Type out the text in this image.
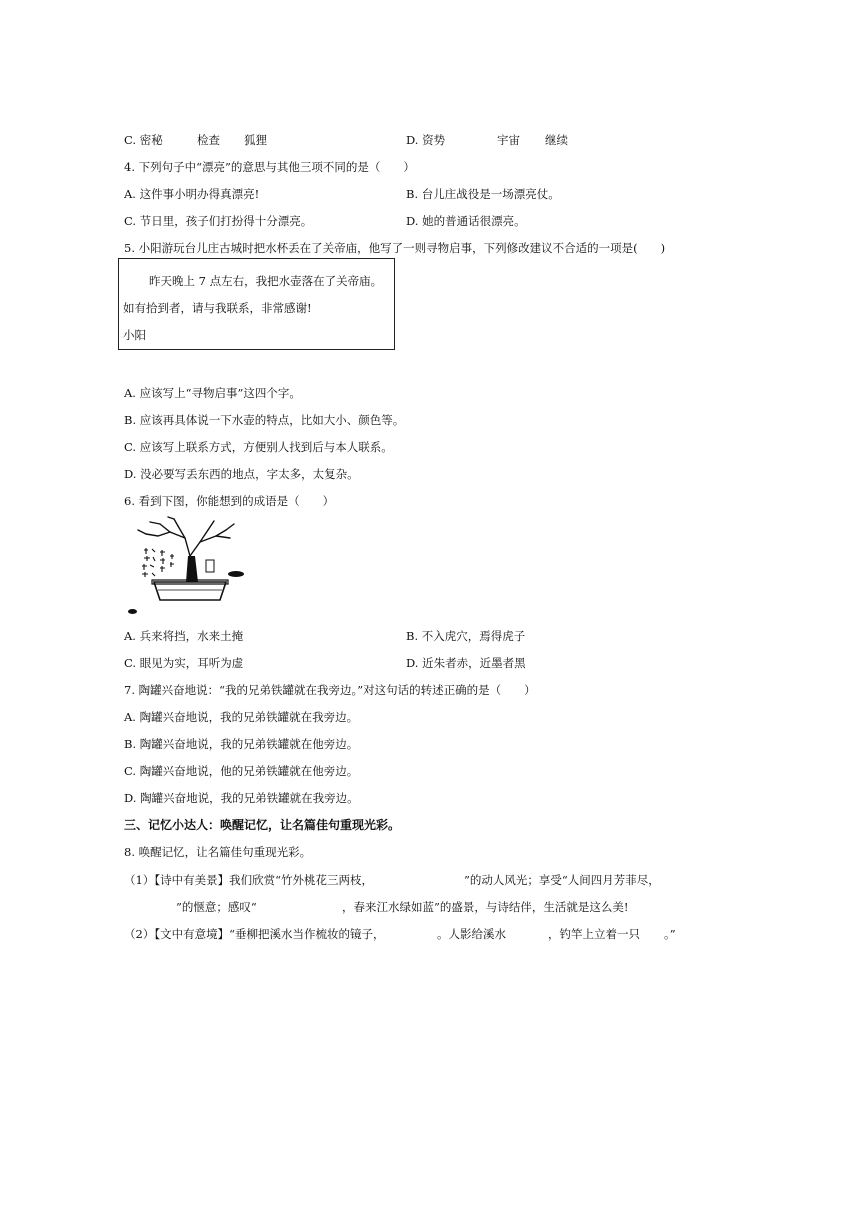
C. 密秘	检查 狐狸	D. 资势	宇宙 继续
4. 下列句子中“漂亮”的意思与其他三项不同的是（　　）
A. 这件事小明办得真漂亮!	B. 台儿庄战役是一场漂亮仗。
C. 节日里，孩子们打扮得十分漂亮。	D. 她的普通话很漂亮。
5. 小阳游玩台儿庄古城时把水杯丢在了关帝庙，他写了一则寻物启事，下列修改建议不合适的一项是(　　)
昨天晚上 7 点左右，我把水壶落在了关帝庙。
如有拾到者，请与我联系，非常感谢!
小阳
A. 应该写上“寻物启事”这四个字。
B. 应该再具体说一下水壶的特点，比如大小、颜色等。
C. 应该写上联系方式，方便别人找到后与本人联系。
D. 没必要写丢东西的地点，字太多，太复杂。
6. 看到下图，你能想到的成语是（　　）
A. 兵来将挡，水来土掩	B. 不入虎穴，焉得虎子
C. 眼见为实，耳听为虚	D. 近朱者赤，近墨者黑
7. 陶罐兴奋地说：“我的兄弟铁罐就在我旁边。”对这句话的转述正确的是（　　）
A. 陶罐兴奋地说，我的兄弟铁罐就在我旁边。
B. 陶罐兴奋地说，我的兄弟铁罐就在他旁边。
C. 陶罐兴奋地说，他的兄弟铁罐就在他旁边。
D. 陶罐兴奋地说，我的兄弟铁罐就在我旁边。
三、记忆小达人：唤醒记忆，让名篇佳句重现光彩。
8. 唤醒记忆，让名篇佳句重现光彩。
（1）【诗中有美景】我们欣赏“竹外桃花三两枝，	”的动人风光；享受“人间四月芳菲尽，
”的惬意；感叹“	，春来江水绿如蓝”的盛景，与诗结伴，生活就是这么美!
（2）【文中有意境】“垂柳把溪水当作梳妆的镜子，	。人影给溪水	，钓竿上立着一只 。”
